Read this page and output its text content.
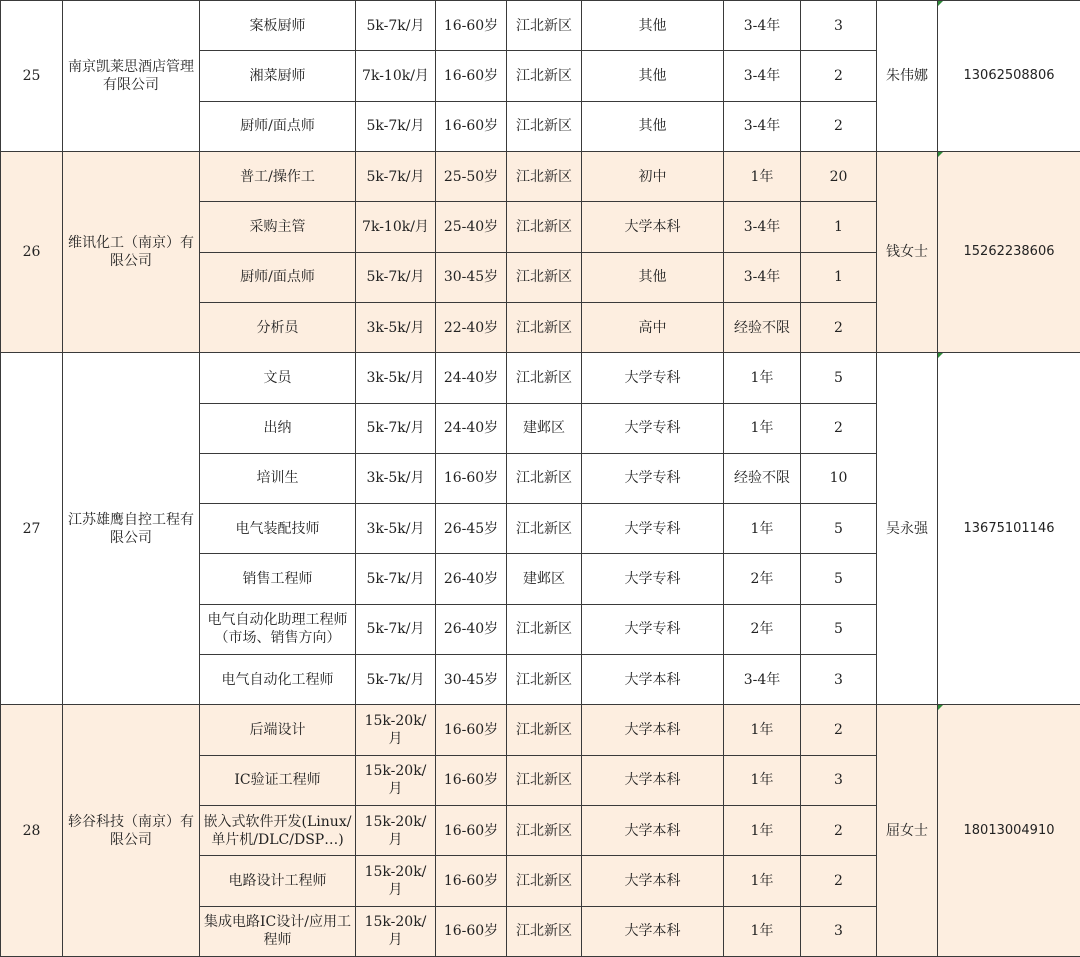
25	南京凯莱思酒店管理有限公司	案板厨师	5k-7k/月	16-60岁	江北新区	其他	3-4年	3	朱伟娜	13062508806
		湘菜厨师	7k-10k/月	16-60岁	江北新区	其他	3-4年	2		
		厨师/面点师	5k-7k/月	16-60岁	江北新区	其他	3-4年	2		
26	维讯化工（南京）有限公司	普工/操作工	5k-7k/月	25-50岁	江北新区	初中	1年	20	钱女士	15262238606
		采购主管	7k-10k/月	25-40岁	江北新区	大学本科	3-4年	1		
		厨师/面点师	5k-7k/月	30-45岁	江北新区	其他	3-4年	1		
		分析员	3k-5k/月	22-40岁	江北新区	高中	经验不限	2		
27	江苏雄鹰自控工程有限公司	文员	3k-5k/月	24-40岁	江北新区	大学专科	1年	5	吴永强	13675101146
		出纳	5k-7k/月	24-40岁	建邺区	大学专科	1年	2		
		培训生	3k-5k/月	16-60岁	江北新区	大学专科	经验不限	10		
		电气装配技师	3k-5k/月	26-45岁	江北新区	大学专科	1年	5		
		销售工程师	5k-7k/月	26-40岁	建邺区	大学专科	2年	5		
		电气自动化助理工程师（市场、销售方向）	5k-7k/月	26-40岁	江北新区	大学专科	2年	5		
		电气自动化工程师	5k-7k/月	30-45岁	江北新区	大学本科	3-4年	3		
28	轸谷科技（南京）有限公司	后端设计	15k-20k/月	16-60岁	江北新区	大学本科	1年	2	屈女士	18013004910
		IC验证工程师	15k-20k/月	16-60岁	江北新区	大学本科	1年	3		
		嵌入式软件开发(Linux/单片机/DLC/DSP…)	15k-20k/月	16-60岁	江北新区	大学本科	1年	2		
		电路设计工程师	15k-20k/月	16-60岁	江北新区	大学本科	1年	2		
		集成电路IC设计/应用工程师	15k-20k/月	16-60岁	江北新区	大学本科	1年	3		
